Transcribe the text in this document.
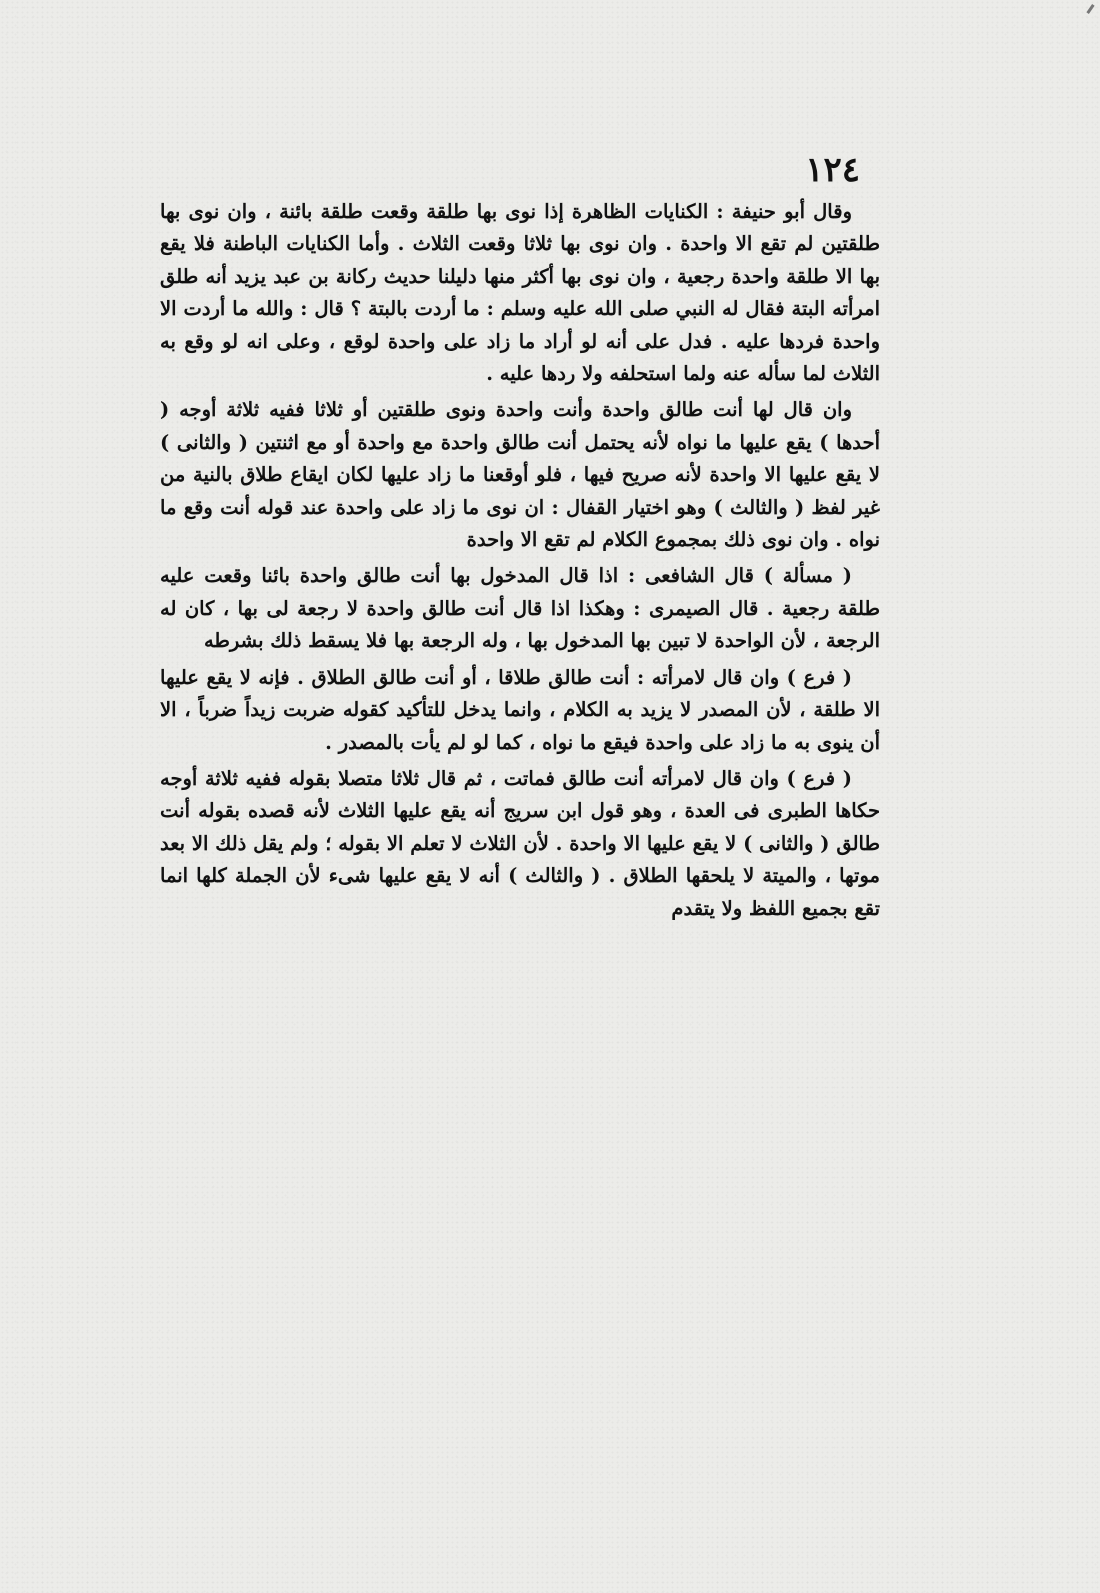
١٢٤

وقال أبو حنيفة : الكنايات الظاهرة إذا نوى بها طلقة وقعت طلقة بائنة ، وان نوى بها طلقتين لم تقع الا واحدة . وان نوى بها ثلاثا وقعت الثلاث . وأما الكنايات الباطنة فلا يقع بها الا طلقة واحدة رجعية ، وان نوى بها أكثر منها دليلنا حديث ركانة بن عبد يزيد أنه طلق امرأته البتة فقال له النبي صلى الله عليه وسلم : ما أردت بالبتة ؟ قال : والله ما أردت الا واحدة فردها عليه . فدل على أنه لو أراد ما زاد على واحدة لوقع ، وعلى انه لو وقع به الثلاث لما سأله عنه ولما استحلفه ولا ردها عليه .

وان قال لها أنت طالق واحدة وأنت واحدة ونوى طلقتين أو ثلاثا ففيه ثلاثة أوجه ( أحدها ) يقع عليها ما نواه لأنه يحتمل أنت طالق واحدة مع واحدة أو مع اثنتين ( والثانى ) لا يقع عليها الا واحدة لأنه صريح فيها ، فلو أوقعنا ما زاد عليها لكان ايقاع طلاق بالنية من غير لفظ ( والثالث ) وهو اختيار القفال : ان نوى ما زاد على واحدة عند قوله أنت وقع ما نواه . وان نوى ذلك بمجموع الكلام لم تقع الا واحدة

( مسألة ) قال الشافعى : اذا قال المدخول بها أنت طالق واحدة بائنا وقعت عليه طلقة رجعية . قال الصيمرى : وهكذا اذا قال أنت طالق واحدة لا رجعة لى بها ، كان له الرجعة ، لأن الواحدة لا تبين بها المدخول بها ، وله الرجعة بها فلا يسقط ذلك بشرطه

( فرع ) وان قال لامرأته : أنت طالق طلاقا ، أو أنت طالق الطلاق . فإنه لا يقع عليها الا طلقة ، لأن المصدر لا يزيد به الكلام ، وانما يدخل للتأكيد كقوله ضربت زيداً ضرباً ، الا أن ينوى به ما زاد على واحدة فيقع ما نواه ، كما لو لم يأت بالمصدر .

( فرع ) وان قال لامرأته أنت طالق فماتت ، ثم قال ثلاثا متصلا بقوله ففيه ثلاثة أوجه حكاها الطبرى فى العدة ، وهو قول ابن سريج أنه يقع عليها الثلاث لأنه قصده بقوله أنت طالق ( والثانى ) لا يقع عليها الا واحدة . لأن الثلاث لا تعلم الا بقوله ؛ ولم يقل ذلك الا بعد موتها ، والميتة لا يلحقها الطلاق . ( والثالث ) أنه لا يقع عليها شىء لأن الجملة كلها انما تقع بجميع اللفظ ولا يتقدم
